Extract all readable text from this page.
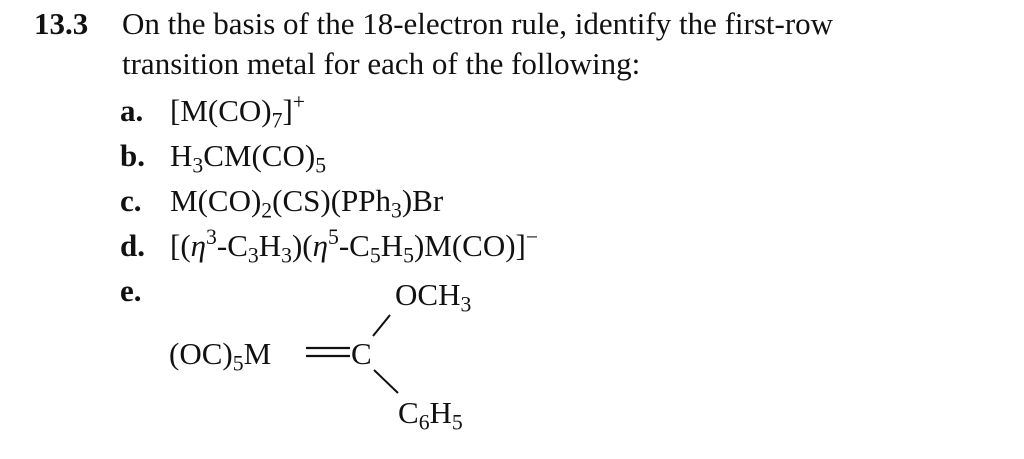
13.3 On the basis of the 18-electron rule, identify the first-row
transition metal for each of the following:
a. $[M(CO)_7]^+$
b. $H_3CM(CO)_5$
c. $M(CO)_2(CS)(PPh_3)Br$
d. $[(\eta^3-C_3H_3)(\eta^5-C_5H_5)M(CO)]^-$
e.	$OCH_3$
$(OC)_5M$	C
$C_6H_5$
